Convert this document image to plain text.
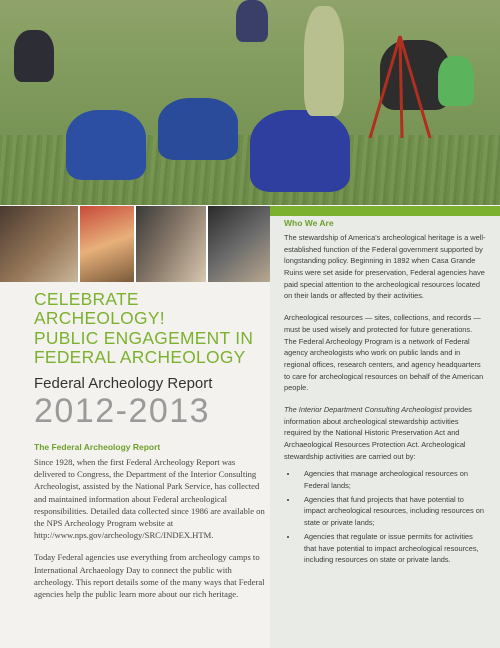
Who We Are

The stewardship of America's archeological heritage is a well-established function of the Federal government supported by longstanding policy. Beginning in 1892 when Casa Grande Ruins were set aside for preservation, Federal agencies have paid special attention to the archeological resources located on their lands or affected by their activities.

Archeological resources — sites, collections, and records — must be used wisely and protected for future generations. The Federal Archeology Program is a network of Federal agency archeologists who work on public lands and in regional offices, research centers, and agency headquarters to care for archeological resources on behalf of the American people.

The Interior Department Consulting Archeologist provides information about archeological stewardship activities required by the National Historic Preservation Act and Archaeological Resources Protection Act. Archeological stewardship activities are carried out by:

• Agencies that manage archeological resources on Federal lands;
• Agencies that fund projects that have potential to impact archeological resources, including resources on state or private lands;
• Agencies that regulate or issue permits for activities that have potential to impact archeological resources, including resources on state or private lands.
CELEBRATE ARCHEOLOGY!
PUBLIC ENGAGEMENT IN
FEDERAL ARCHEOLOGY
Federal Archeology Report
2012-2013
The Federal Archeology Report

Since 1928, when the first Federal Archeology Report was delivered to Congress, the Department of the Interior Consulting Archeologist, assisted by the National Park Service, has collected and maintained information about Federal archeological responsibilities. Detailed data collected since 1986 are available on the NPS Archeology Program website at http://www.nps.gov/archeology/SRC/INDEX.HTM.

Today Federal agencies use everything from archeology camps to International Archaeology Day to connect the public with archeology. This report details some of the many ways that Federal agencies help the public learn more about our rich heritage.
